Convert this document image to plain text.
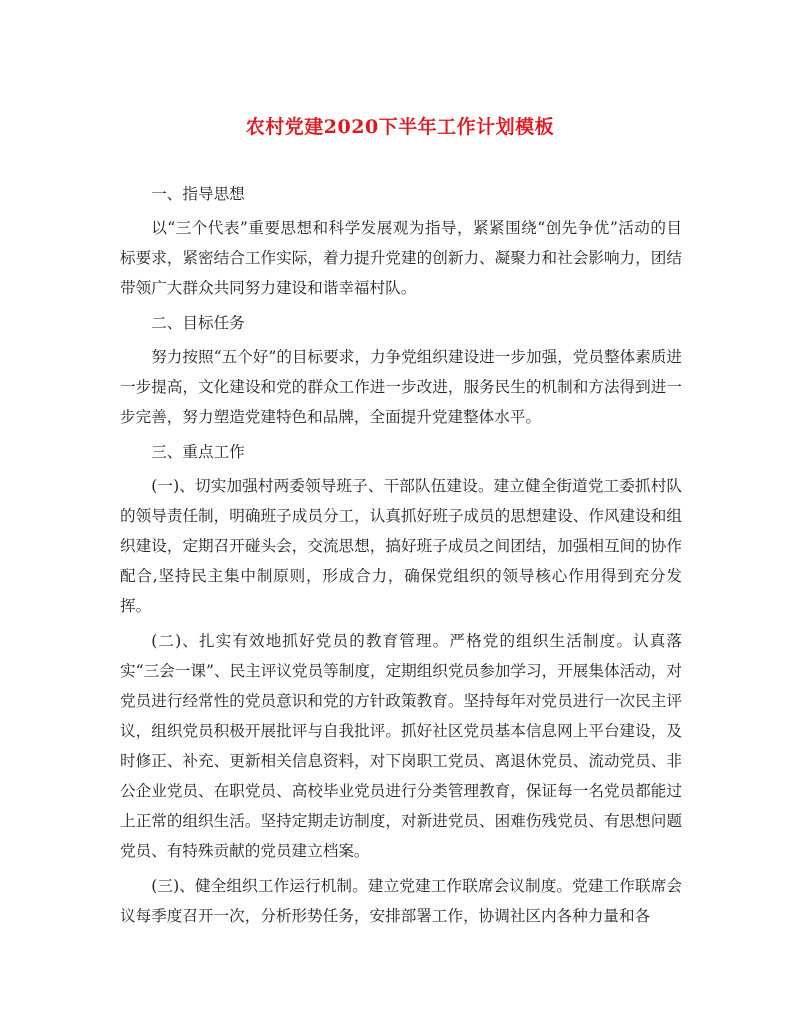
农村党建2020下半年工作计划模板

一、指导思想

以“三个代表”重要思想和科学发展观为指导，紧紧围绕“创先争优”活动的目标要求，紧密结合工作实际，着力提升党建的创新力、凝聚力和社会影响力，团结带领广大群众共同努力建设和谐幸福村队。

二、目标任务

努力按照“五个好”的目标要求，力争党组织建设进一步加强，党员整体素质进一步提高，文化建设和党的群众工作进一步改进，服务民生的机制和方法得到进一步完善，努力塑造党建特色和品牌，全面提升党建整体水平。

三、重点工作

(一)、切实加强村两委领导班子、干部队伍建设。建立健全街道党工委抓村队的领导责任制，明确班子成员分工，认真抓好班子成员的思想建设、作风建设和组织建设，定期召开碰头会，交流思想，搞好班子成员之间团结，加强相互间的协作配合,坚持民主集中制原则，形成合力，确保党组织的领导核心作用得到充分发挥。

(二)、扎实有效地抓好党员的教育管理。严格党的组织生活制度。认真落实“三会一课”、民主评议党员等制度，定期组织党员参加学习，开展集体活动，对党员进行经常性的党员意识和党的方针政策教育。坚持每年对党员进行一次民主评议，组织党员积极开展批评与自我批评。抓好社区党员基本信息网上平台建设，及时修正、补充、更新相关信息资料，对下岗职工党员、离退休党员、流动党员、非公企业党员、在职党员、高校毕业党员进行分类管理教育，保证每一名党员都能过上正常的组织生活。坚持定期走访制度，对新进党员、困难伤残党员、有思想问题党员、有特殊贡献的党员建立档案。

(三)、健全组织工作运行机制。建立党建工作联席会议制度。党建工作联席会议每季度召开一次，分析形势任务，安排部署工作，协调社区内各种力量和各
